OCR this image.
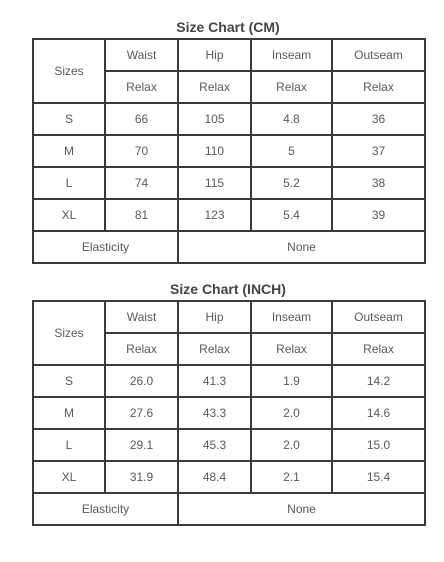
Size Chart (CM)
Sizes	Waist	Hip	Inseam	Outseam
	Relax	Relax	Relax	Relax
S	66	105	4.8	36
M	70	110	5	37
L	74	115	5.2	38
XL	81	123	5.4	39
Elasticity		None		
Size Chart (INCH)
Sizes	Waist	Hip	Inseam	Outseam
	Relax	Relax	Relax	Relax
S	26.0	41.3	1.9	14.2
M	27.6	43.3	2.0	14.6
L	29.1	45.3	2.0	15.0
XL	31.9	48.4	2.1	15.4
Elasticity		None		
